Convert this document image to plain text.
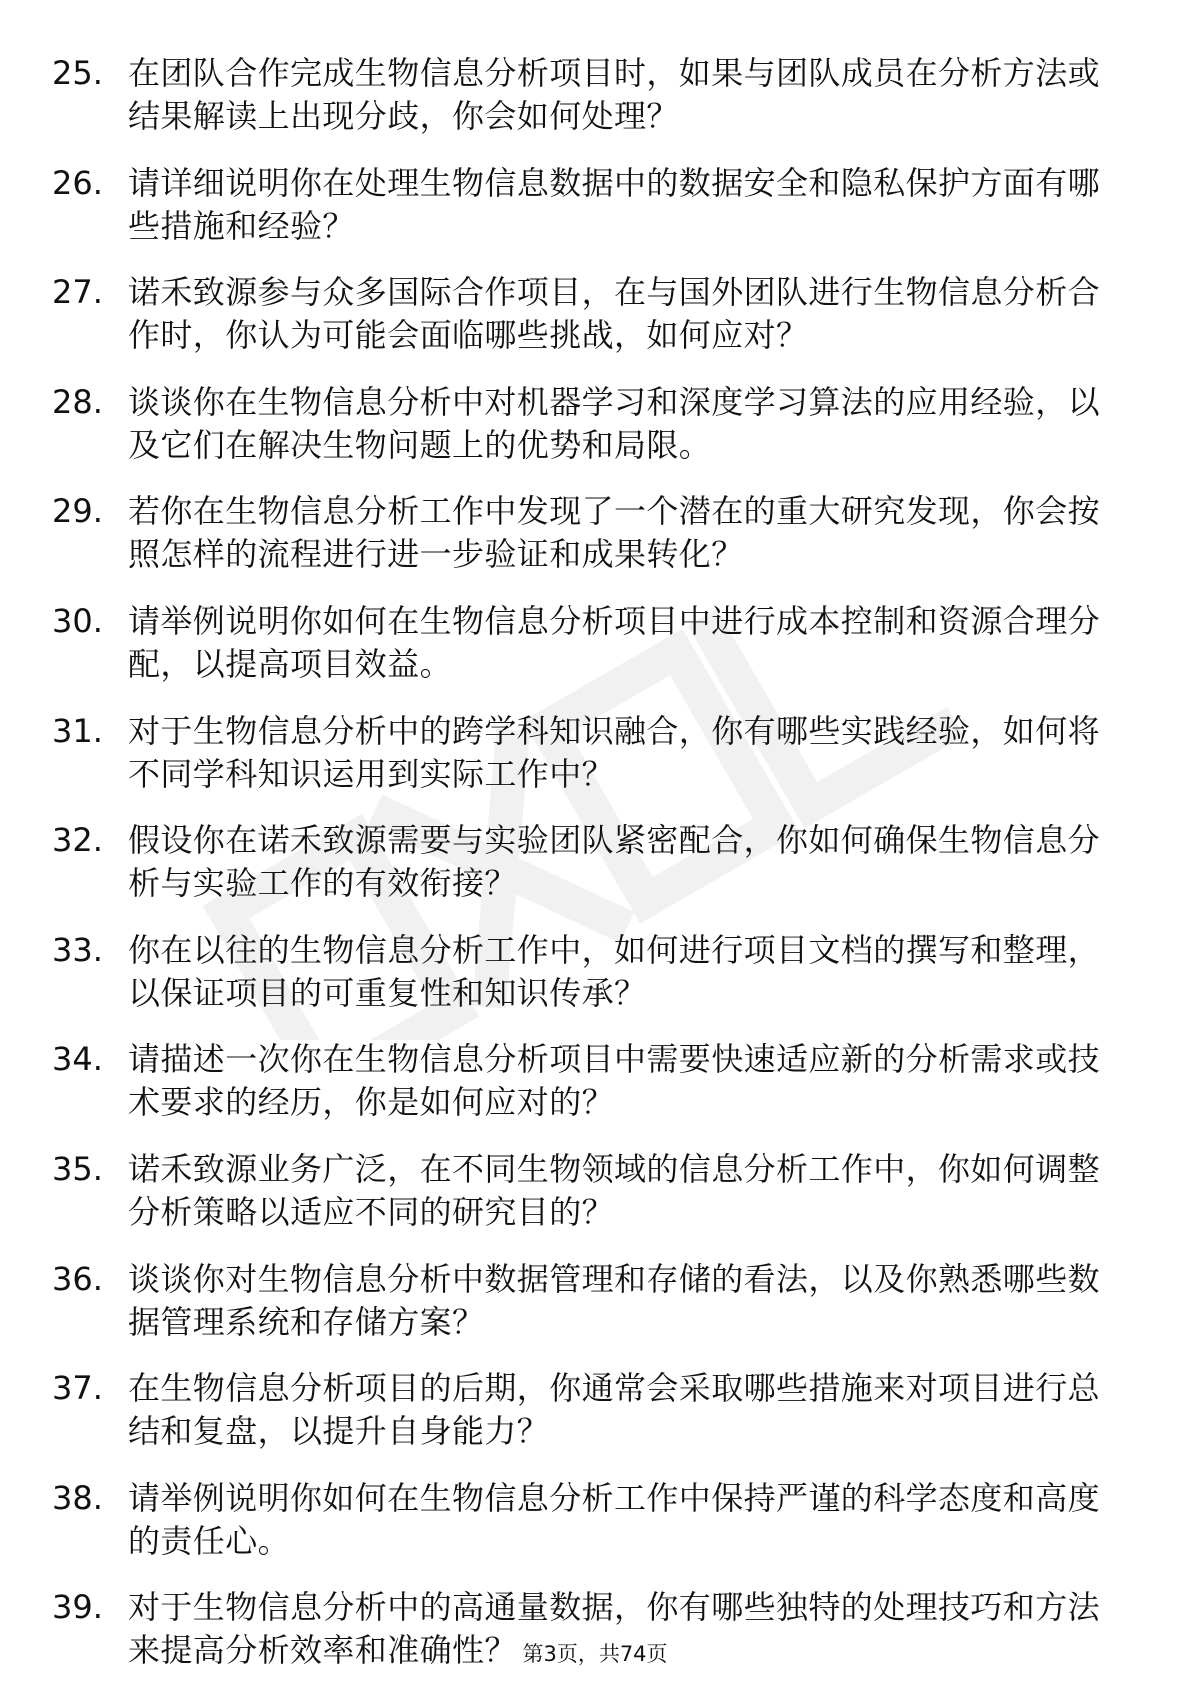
25. 在团队合作完成生物信息分析项目时，如果与团队成员在分析方法或结果解读上出现分歧，你会如何处理？
26. 请详细说明你在处理生物信息数据中的数据安全和隐私保护方面有哪些措施和经验？
27. 诺禾致源参与众多国际合作项目，在与国外团队进行生物信息分析合作时，你认为可能会面临哪些挑战，如何应对？
28. 谈谈你在生物信息分析中对机器学习和深度学习算法的应用经验，以及它们在解决生物问题上的优势和局限。
29. 若你在生物信息分析工作中发现了一个潜在的重大研究发现，你会按照怎样的流程进行进一步验证和成果转化？
30. 请举例说明你如何在生物信息分析项目中进行成本控制和资源合理分配，以提高项目效益。
31. 对于生物信息分析中的跨学科知识融合，你有哪些实践经验，如何将不同学科知识运用到实际工作中？
32. 假设你在诺禾致源需要与实验团队紧密配合，你如何确保生物信息分析与实验工作的有效衔接？
33. 你在以往的生物信息分析工作中，如何进行项目文档的撰写和整理，以保证项目的可重复性和知识传承？
34. 请描述一次你在生物信息分析项目中需要快速适应新的分析需求或技术要求的经历，你是如何应对的？
35. 诺禾致源业务广泛，在不同生物领域的信息分析工作中，你如何调整分析策略以适应不同的研究目的？
36. 谈谈你对生物信息分析中数据管理和存储的看法，以及你熟悉哪些数据管理系统和存储方案？
37. 在生物信息分析项目的后期，你通常会采取哪些措施来对项目进行总结和复盘，以提升自身能力？
38. 请举例说明你如何在生物信息分析工作中保持严谨的科学态度和高度的责任心。
39. 对于生物信息分析中的高通量数据，你有哪些独特的处理技巧和方法来提高分析效率和准确性？ 第3页，共74页
